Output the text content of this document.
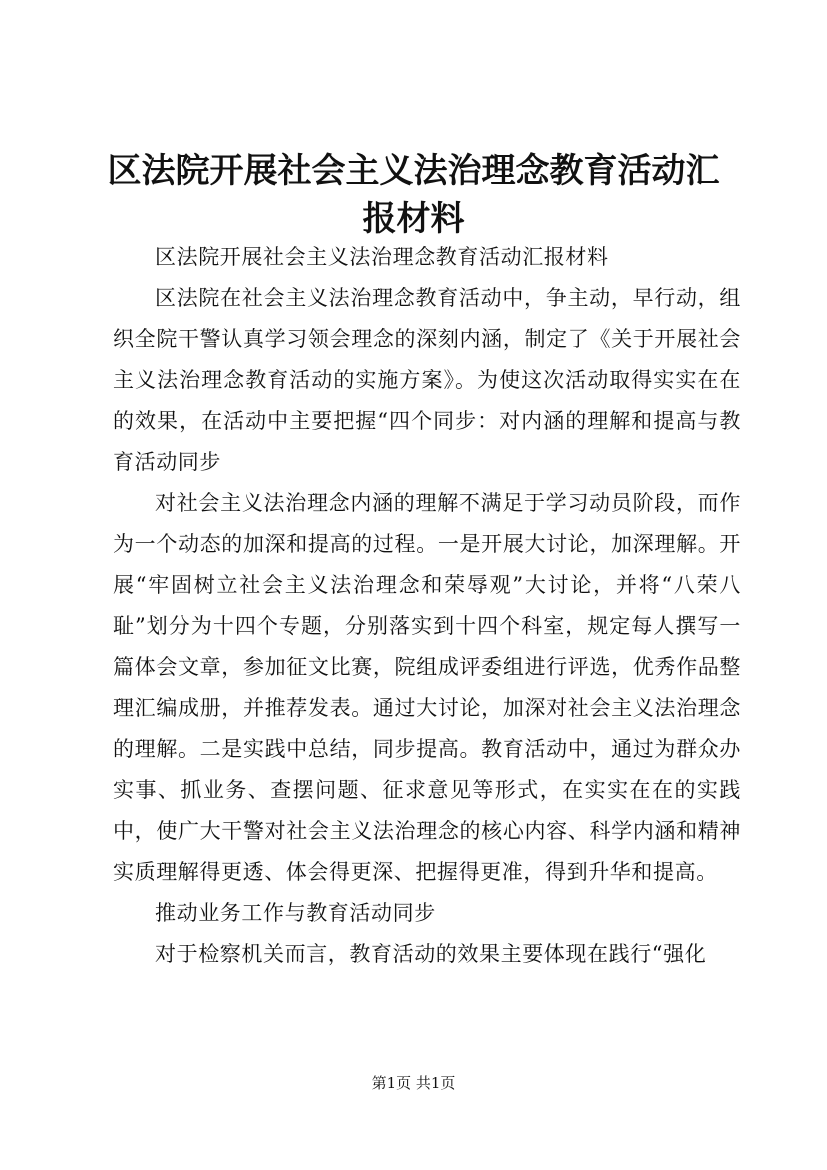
区法院开展社会主义法治理念教育活动汇报材料

区法院开展社会主义法治理念教育活动汇报材料

区法院在社会主义法治理念教育活动中，争主动，早行动，组织全院干警认真学习领会理念的深刻内涵，制定了《关于开展社会主义法治理念教育活动的实施方案》。为使这次活动取得实实在在的效果，在活动中主要把握“四个同步：对内涵的理解和提高与教育活动同步

对社会主义法治理念内涵的理解不满足于学习动员阶段，而作为一个动态的加深和提高的过程。一是开展大讨论，加深理解。开展“牢固树立社会主义法治理念和荣辱观”大讨论，并将“八荣八耻”划分为十四个专题，分别落实到十四个科室，规定每人撰写一篇体会文章，参加征文比赛，院组成评委组进行评选，优秀作品整理汇编成册，并推荐发表。通过大讨论，加深对社会主义法治理念的理解。二是实践中总结，同步提高。教育活动中，通过为群众办实事、抓业务、查摆问题、征求意见等形式，在实实在在的实践中，使广大干警对社会主义法治理念的核心内容、科学内涵和精神实质理解得更透、体会得更深、把握得更准，得到升华和提高。

推动业务工作与教育活动同步

对于检察机关而言，教育活动的效果主要体现在践行“强化

第1页 共1页
